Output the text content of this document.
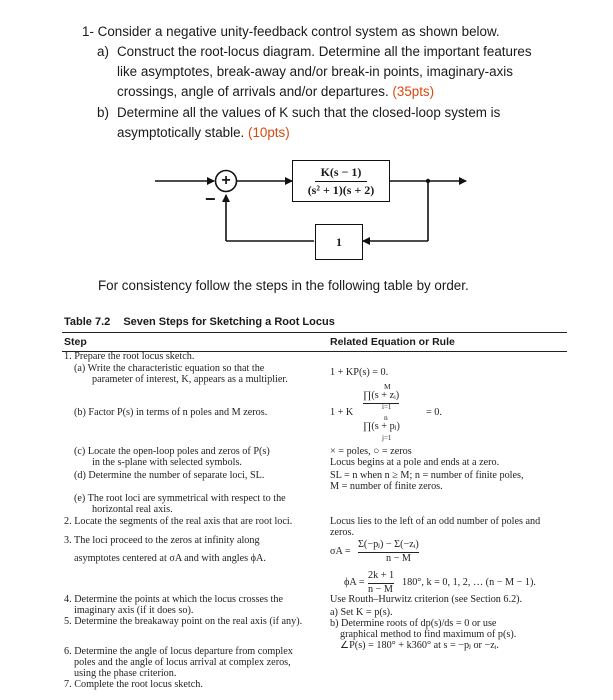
1- Consider a negative unity-feedback control system as shown below.
a) Construct the root-locus diagram. Determine all the important features
like asymptotes, break-away and/or break-in points, imaginary-axis
crossings, angle of arrivals and/or departures. (35pts)
b) Determine all the values of K such that the closed-loop system is
asymptotically stable. (10pts)
+
−
$\frac{K(s - 1)}{\text{(s² + 1)(s + 2)}}$
1
For consistency follow the steps in the following table by order.
Table 7.2 Seven Steps for Sketching a Root Locus
Step	Related Equation or Rule
1. Prepare the root locus sketch.
(a) Write the characteristic equation so that the
parameter of interest, K, appears as a multiplier.
(b) Factor P(s) in terms of n poles and M zeros.
(c) Locate the open-loop poles and zeros of P(s)
in the s-plane with selected symbols.
(d) Determine the number of separate loci, SL.
(e) The root loci are symmetrical with respect to the
horizontal real axis.
2. Locate the segments of the real axis that are root loci.
3. The loci proceed to the zeros at infinity along
asymptotes centered at σA and with angles ϕA.
4. Determine the points at which the locus crosses the
imaginary axis (if it does so).
5. Determine the breakaway point on the real axis (if any).
6. Determine the angle of locus departure from complex
poles and the angle of locus arrival at complex zeros,
using the phase criterion.
7. Complete the root locus sketch.
1 + KP(s) = 0.
1 + K
M
∏(s + zᵢ)
i=1
n
∏(s + pⱼ)
j=1
= 0.
× = poles, ○ = zeros
Locus begins at a pole and ends at a zero.
SL = n when n ≥ M; n = number of finite poles,
M = number of finite zeros.
Locus lies to the left of an odd number of poles and
zeros.
σA =
Σ(−pⱼ) − Σ(−zᵢ)
n − M
ϕA =
2k + 1
n − M
180°, k = 0, 1, 2, … (n − M − 1).
Use Routh–Hurwitz criterion (see Section 6.2).
a) Set K = p(s).
b) Determine roots of dp(s)/ds = 0 or use
graphical method to find maximum of p(s).
∠P(s) = 180° + k360° at s = −pⱼ or −zᵢ.
